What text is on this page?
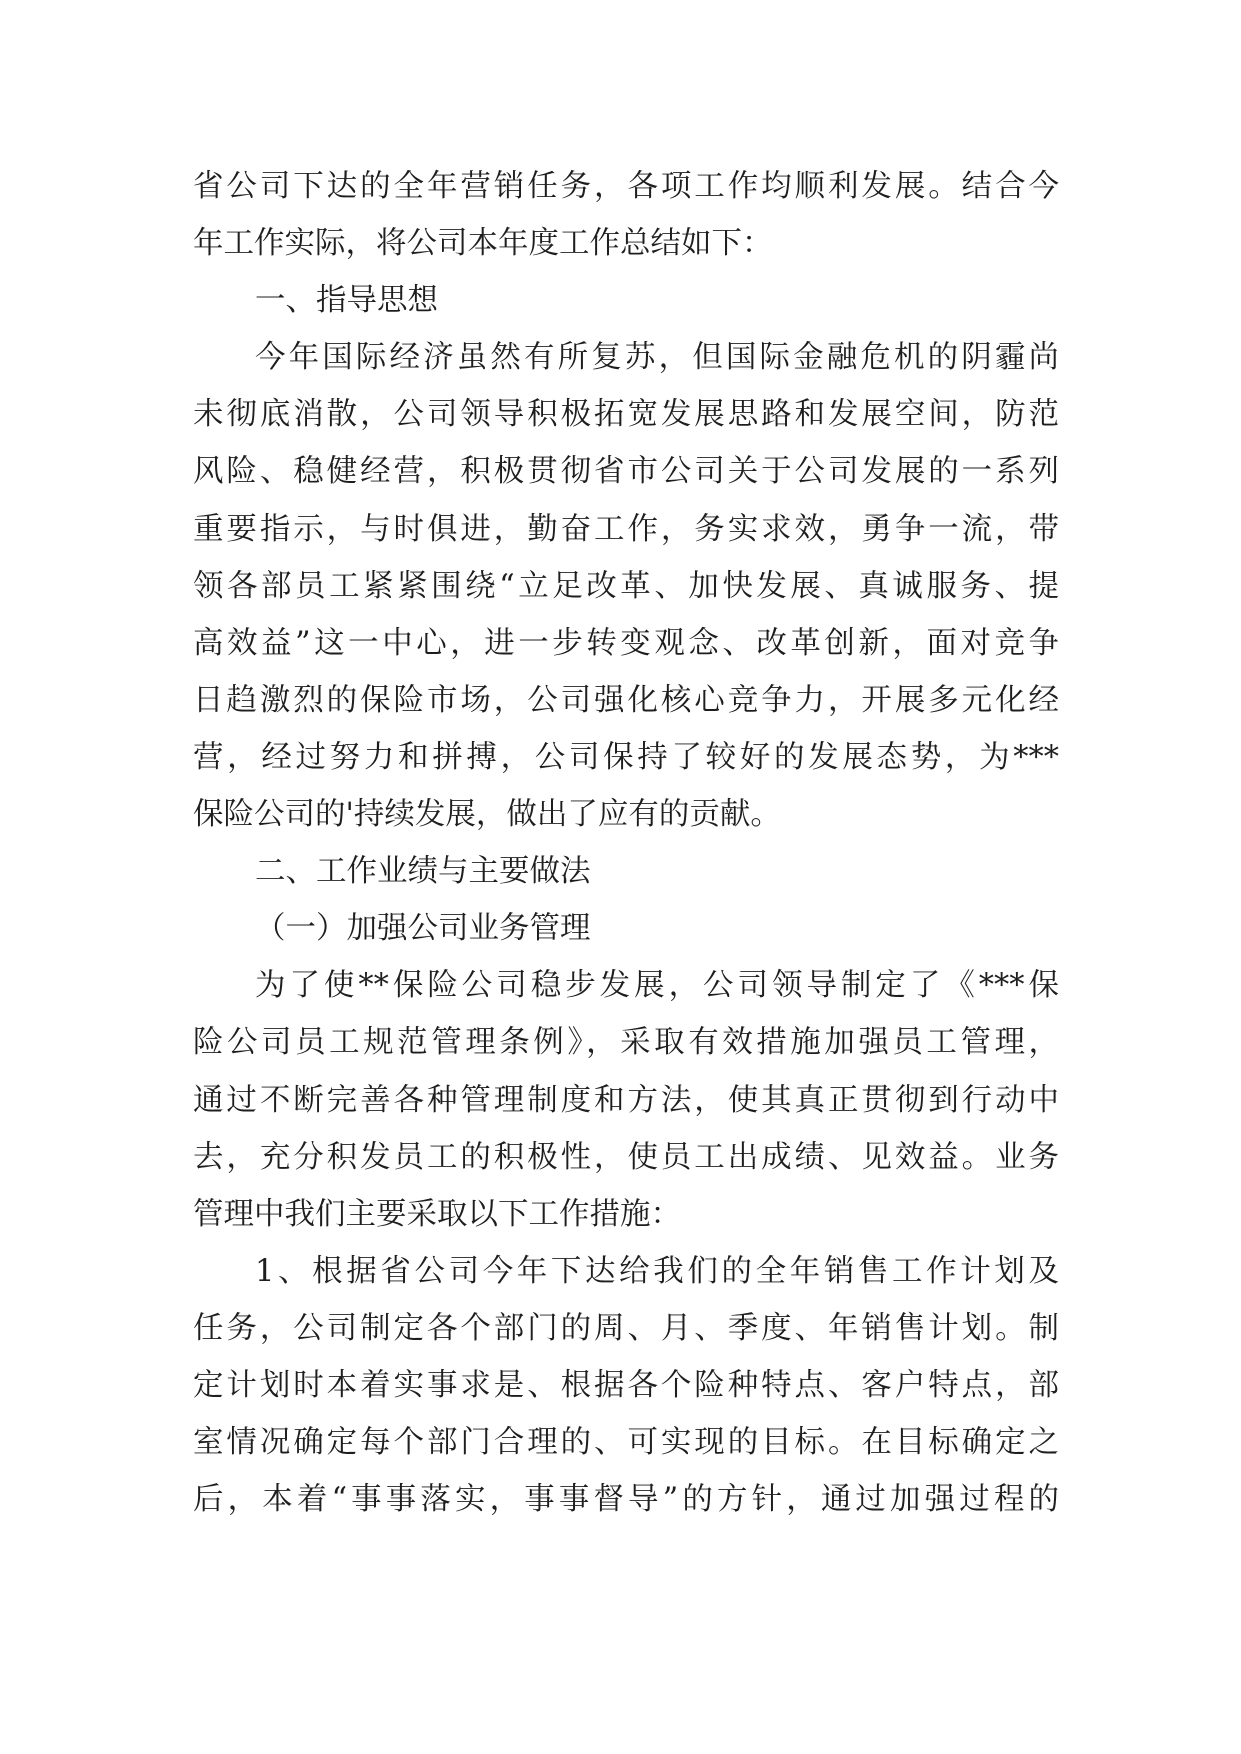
省公司下达的全年营销任务，各项工作均顺利发展。结合今
年工作实际，将公司本年度工作总结如下：
一、指导思想
今年国际经济虽然有所复苏，但国际金融危机的阴霾尚
未彻底消散，公司领导积极拓宽发展思路和发展空间，防范
风险、稳健经营，积极贯彻省市公司关于公司发展的一系列
重要指示，与时俱进，勤奋工作，务实求效，勇争一流，带
领各部员工紧紧围绕“立足改革、加快发展、真诚服务、提
高效益”这一中心，进一步转变观念、改革创新，面对竞争
日趋激烈的保险市场，公司强化核心竞争力，开展多元化经
营，经过努力和拼搏，公司保持了较好的发展态势，为***
保险公司的'持续发展，做出了应有的贡献。
二、工作业绩与主要做法
（一）加强公司业务管理
为了使**保险公司稳步发展，公司领导制定了《***保
险公司员工规范管理条例》，采取有效措施加强员工管理，
通过不断完善各种管理制度和方法，使其真正贯彻到行动中
去，充分积发员工的积极性，使员工出成绩、见效益。业务
管理中我们主要采取以下工作措施：
1、根据省公司今年下达给我们的全年销售工作计划及
任务，公司制定各个部门的周、月、季度、年销售计划。制
定计划时本着实事求是、根据各个险种特点、客户特点，部
室情况确定每个部门合理的、可实现的目标。在目标确定之
后，本着“事事落实，事事督导”的方针，通过加强过程的
